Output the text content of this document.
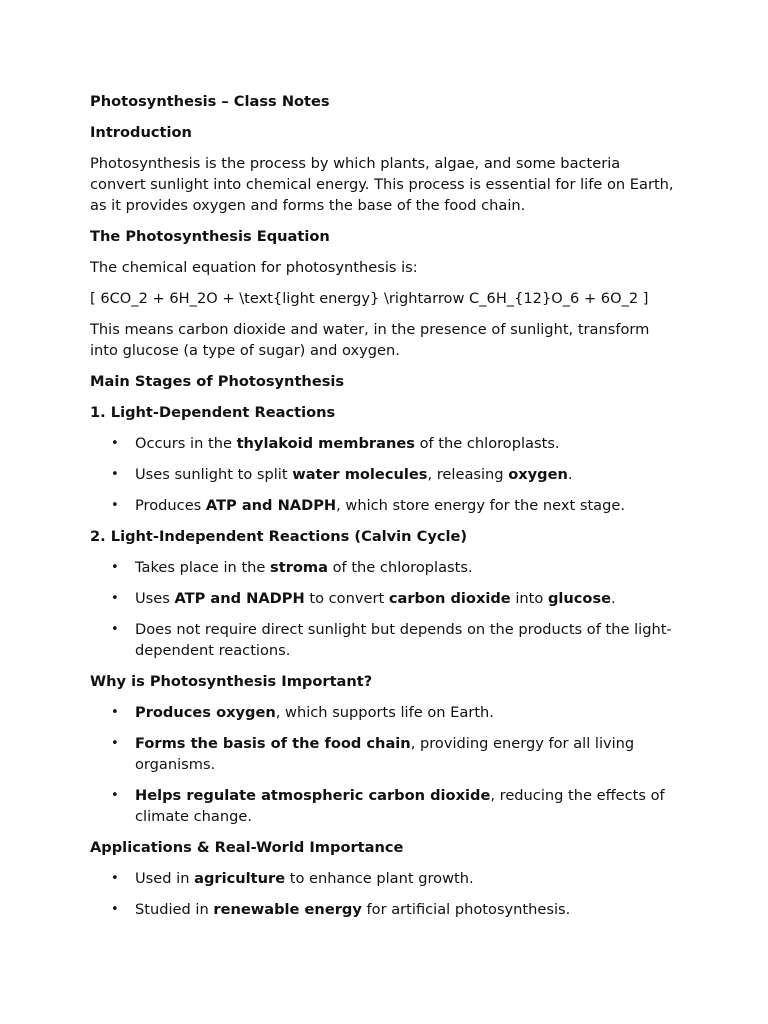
Photosynthesis – Class Notes
Introduction
Photosynthesis is the process by which plants, algae, and some bacteria convert sunlight into chemical energy. This process is essential for life on Earth, as it provides oxygen and forms the base of the food chain.
The Photosynthesis Equation
The chemical equation for photosynthesis is:
[ 6CO_2 + 6H_2O + \text{light energy} \rightarrow C_6H_{12}O_6 + 6O_2 ]
This means carbon dioxide and water, in the presence of sunlight, transform into glucose (a type of sugar) and oxygen.
Main Stages of Photosynthesis
1. Light-Dependent Reactions
• Occurs in the thylakoid membranes of the chloroplasts.
• Uses sunlight to split water molecules, releasing oxygen.
• Produces ATP and NADPH, which store energy for the next stage.
2. Light-Independent Reactions (Calvin Cycle)
• Takes place in the stroma of the chloroplasts.
• Uses ATP and NADPH to convert carbon dioxide into glucose.
• Does not require direct sunlight but depends on the products of the light-dependent reactions.
Why is Photosynthesis Important?
• Produces oxygen, which supports life on Earth.
• Forms the basis of the food chain, providing energy for all living organisms.
• Helps regulate atmospheric carbon dioxide, reducing the effects of climate change.
Applications & Real-World Importance
• Used in agriculture to enhance plant growth.
• Studied in renewable energy for artificial photosynthesis.
